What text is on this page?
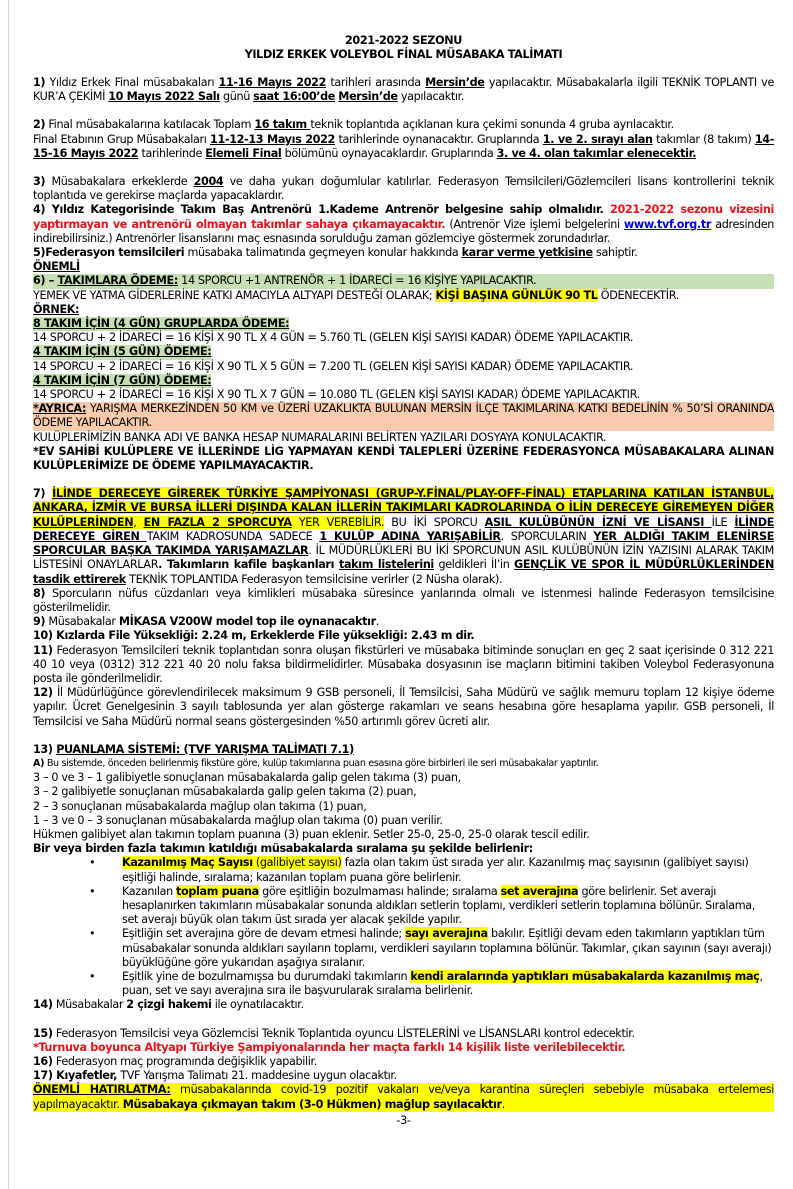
2021-2022 SEZONU
YILDIZ ERKEK VOLEYBOL FİNAL MÜSABAKA TALİMATI

1) Yıldız Erkek Final müsabakaları 11-16 Mayıs 2022 tarihleri arasında Mersin’de yapılacaktır. Müsabakalarla ilgili TEKNİK TOPLANTI ve KUR’A ÇEKİMİ 10 Mayıs 2022 Salı günü saat 16:00’de Mersin’de yapılacaktır.

2) Final müsabakalarına katılacak Toplam 16 takım teknik toplantıda açıklanan kura çekimi sonunda 4 gruba ayrılacaktır.
Final Etabının Grup Müsabakaları 11-12-13 Mayıs 2022 tarihlerinde oynanacaktır. Gruplarında 1. ve 2. sırayı alan takımlar (8 takım) 14-15-16 Mayıs 2022 tarihlerinde Elemeli Final bölümünü oynayacaklardır. Gruplarında 3. ve 4. olan takımlar elenecektir.

3) Müsabakalara erkeklerde 2004 ve daha yukarı doğumlular katılırlar. Federasyon Temsilcileri/Gözlemcileri lisans kontrollerini teknik toplantıda ve gerekirse maçlarda yapacaklardır.

4) Yıldız Kategorisinde Takım Baş Antrenörü 1.Kademe Antrenör belgesine sahip olmalıdır. 2021-2022 sezonu vizesini yaptırmayan ve antrenörü olmayan takımlar sahaya çıkamayacaktır. (Antrenör Vize işlemi belgelerini www.tvf.org.tr adresinden indirebilirsiniz.) Antrenörler lisanslarını maç esnasında sorulduğu zaman gözlemciye göstermek zorundadırlar.

5)Federasyon temsilcileri müsabaka talimatında geçmeyen konular hakkında karar verme yetkisine sahiptir.

ÖNEMLİ

6) – TAKIMLARA ÖDEME: 14 SPORCU +1 ANTRENÖR + 1 İDARECİ = 16 KİŞİYE YAPILACAKTIR.

YEMEK VE YATMA GİDERLERİNE KATKI AMACIYLA ALTYAPI DESTEĞİ OLARAK; KİŞİ BAŞINA GÜNLÜK 90 TL ÖDENECEKTİR.

ÖRNEK:

8 TAKIM İÇİN (4 GÜN) GRUPLARDA ÖDEME:

14 SPORCU + 2 İDARECİ = 16 KİŞİ X 90 TL X 4 GÜN = 5.760 TL (GELEN KİŞİ SAYISI KADAR) ÖDEME YAPILACAKTIR.

4 TAKIM İÇİN (5 GÜN) ÖDEME:

14 SPORCU + 2 İDARECİ = 16 KİŞİ X 90 TL X 5 GÜN = 7.200 TL (GELEN KİŞİ SAYISI KADAR) ÖDEME YAPILACAKTIR.

4 TAKIM İÇİN (7 GÜN) ÖDEME:

14 SPORCU + 2 İDARECİ = 16 KİŞİ X 90 TL X 7 GÜN = 10.080 TL (GELEN KİŞİ SAYISI KADAR) ÖDEME YAPILACAKTIR.

*AYRICA: YARIŞMA MERKEZİNDEN 50 KM ve ÜZERİ UZAKLIKTA BULUNAN MERSİN İLÇE TAKIMLARINA KATKI BEDELİNİN % 50’Sİ ORANINDA ÖDEME YAPILACAKTIR.

KULÜPLERİMİZİN BANKA ADI VE BANKA HESAP NUMARALARINI BELİRTEN YAZILARI DOSYAYA KONULACAKTIR.

*EV SAHİBİ KULÜPLERE VE İLLERİNDE LİG YAPMAYAN KENDİ TALEPLERİ ÜZERİNE FEDERASYONCA MÜSABAKALARA ALINAN KULÜPLERİMİZE DE ÖDEME YAPILMAYACAKTIR.

7) İLİNDE DERECEYE GİREREK TÜRKİYE ŞAMPİYONASI (GRUP-Y.FİNAL/PLAY-OFF-FİNAL) ETAPLARINA KATILAN İSTANBUL, ANKARA, İZMİR VE BURSA İLLERİ DIŞINDA KALAN İLLERİN TAKIMLARI KADROLARINDA O İLİN DERECEYE GİREMEYEN DİĞER KULÜPLERİNDEN, EN FAZLA 2 SPORCUYA YER VEREBİLİR. BU İKİ SPORCU ASIL KULÜBÜNÜN İZNİ VE LİSANSI İLE İLİNDE DERECEYE GİREN TAKIM KADROSUNDA SADECE 1 KULÜP ADINA YARIŞABİLİR. SPORCULARIN YER ALDIĞI TAKIM ELENİRSE SPORCULAR BAŞKA TAKIMDA YARIŞAMAZLAR. İL MÜDÜRLÜKLERİ BU İKİ SPORCUNUN ASIL KULÜBÜNÜN İZİN YAZISINI ALARAK TAKIM LİSTESİNİ ONAYLARLAR. Takımların kafile başkanları takım listelerini geldikleri İl’in GENÇLİK VE SPOR İL MÜDÜRLÜKLERİNDEN tasdik ettirerek TEKNİK TOPLANTIDA Federasyon temsilcisine verirler (2 Nüsha olarak).

8) Sporcuların nüfus cüzdanları veya kimlikleri müsabaka süresince yanlarında olmalı ve istenmesi halinde Federasyon temsilcisine gösterilmelidir.

9) Müsabakalar MİKASA V200W model top ile oynanacaktır.

10) Kızlarda File Yüksekliği: 2.24 m, Erkeklerde File yüksekliği: 2.43 m dir.

11) Federasyon Temsilcileri teknik toplantıdan sonra oluşan fikstürleri ve müsabaka bitiminde sonuçları en geç 2 saat içerisinde 0 312 221 40 10 veya (0312) 312 221 40 20 nolu faksa bildirmelidirler. Müsabaka dosyasının ise maçların bitimini takiben Voleybol Federasyonuna posta ile gönderilmelidir.

12) İl Müdürlüğünce görevlendirilecek maksimum 9 GSB personeli, İl Temsilcisi, Saha Müdürü ve sağlık memuru toplam 12 kişiye ödeme yapılır. Ücret Genelgesinin 3 sayılı tablosunda yer alan gösterge rakamları ve seans hesabına göre hesaplama yapılır. GSB personeli, İl Temsilcisi ve Saha Müdürü normal seans göstergesinden %50 artırımlı görev ücreti alır.

13) PUANLAMA SİSTEMİ: (TVF YARIŞMA TALİMATI 7.1)

A) Bu sistemde, önceden belirlenmiş fikstüre göre, kulüp takımlarına puan esasına göre birbirleri ile seri müsabakalar yaptırılır.

3 – 0 ve 3 – 1 galibiyetle sonuçlanan müsabakalarda galip gelen takıma (3) puan,

3 – 2 galibiyetle sonuçlanan müsabakalarda galip gelen takıma (2) puan,

2 – 3 sonuçlanan müsabakalarda mağlup olan takıma (1) puan,

1 – 3 ve 0 – 3 sonuçlanan müsabakalarda mağlup olan takıma (0) puan verilir.

Hükmen galibiyet alan takımın toplam puanına (3) puan eklenir. Setler 25-0, 25-0, 25-0 olarak tescil edilir.

Bir veya birden fazla takımın katıldığı müsabakalarda sıralama şu şekilde belirlenir:

• Kazanılmış Maç Sayısı (galibiyet sayısı) fazla olan takım üst sırada yer alır. Kazanılmış maç sayısının (galibiyet sayısı) eşitliği halinde, sıralama; kazanılan toplam puana göre belirlenir.
• Kazanılan toplam puana göre eşitliğin bozulmaması halinde; sıralama set averajına göre belirlenir. Set averajı hesaplanırken takımların müsabakalar sonunda aldıkları setlerin toplamı, verdikleri setlerin toplamına bölünür. Sıralama, set averajı büyük olan takım üst sırada yer alacak şekilde yapılır.
• Eşitliğin set averajına göre de devam etmesi halinde; sayı averajına bakılır. Eşitliği devam eden takımların yaptıkları tüm müsabakalar sonunda aldıkları sayıların toplamı, verdikleri sayıların toplamına bölünür. Takımlar, çıkan sayının (sayı averajı) büyüklüğüne göre yukarıdan aşağıya sıralanır.
• Eşitlik yine de bozulmamışsa bu durumdaki takımların kendi aralarında yaptıkları müsabakalarda kazanılmış maç, puan, set ve sayı averajına sıra ile başvurularak sıralama belirlenir.

14) Müsabakalar 2 çizgi hakemi ile oynatılacaktır.

15) Federasyon Temsilcisi veya Gözlemcisi Teknik Toplantıda oyuncu LİSTELERİNİ ve LİSANSLARI kontrol edecektir.

*Turnuva boyunca Altyapı Türkiye Şampiyonalarında her maçta farklı 14 kişilik liste verilebilecektir.

16) Federasyon maç programında değişiklik yapabilir.

17) Kıyafetler, TVF Yarışma Talimatı 21. maddesine uygun olacaktır.

ÖNEMLİ HATIRLATMA: müsabakalarında covid-19 pozitif vakaları ve/veya karantina süreçleri sebebiyle müsabaka ertelemesi yapılmayacaktır. Müsabakaya çıkmayan takım (3-0 Hükmen) mağlup sayılacaktır.

-3-
